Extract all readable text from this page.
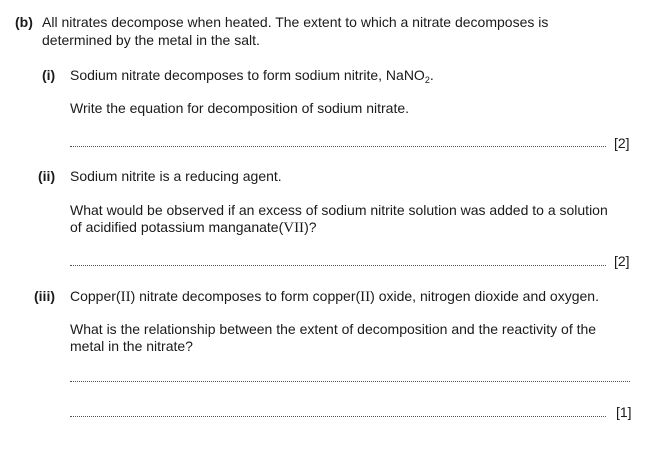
(b) All nitrates decompose when heated. The extent to which a nitrate decomposes is
determined by the metal in the salt.
(i) Sodium nitrate decomposes to form sodium nitrite, NaNO$_2$.
Write the equation for decomposition of sodium nitrate.
[2]
(ii) Sodium nitrite is a reducing agent.
What would be observed if an excess of sodium nitrite solution was added to a solution
of acidified potassium manganate(VII)?
[2]
(iii) Copper(II) nitrate decomposes to form copper(II) oxide, nitrogen dioxide and oxygen.
What is the relationship between the extent of decomposition and the reactivity of the
metal in the nitrate?
[1]
